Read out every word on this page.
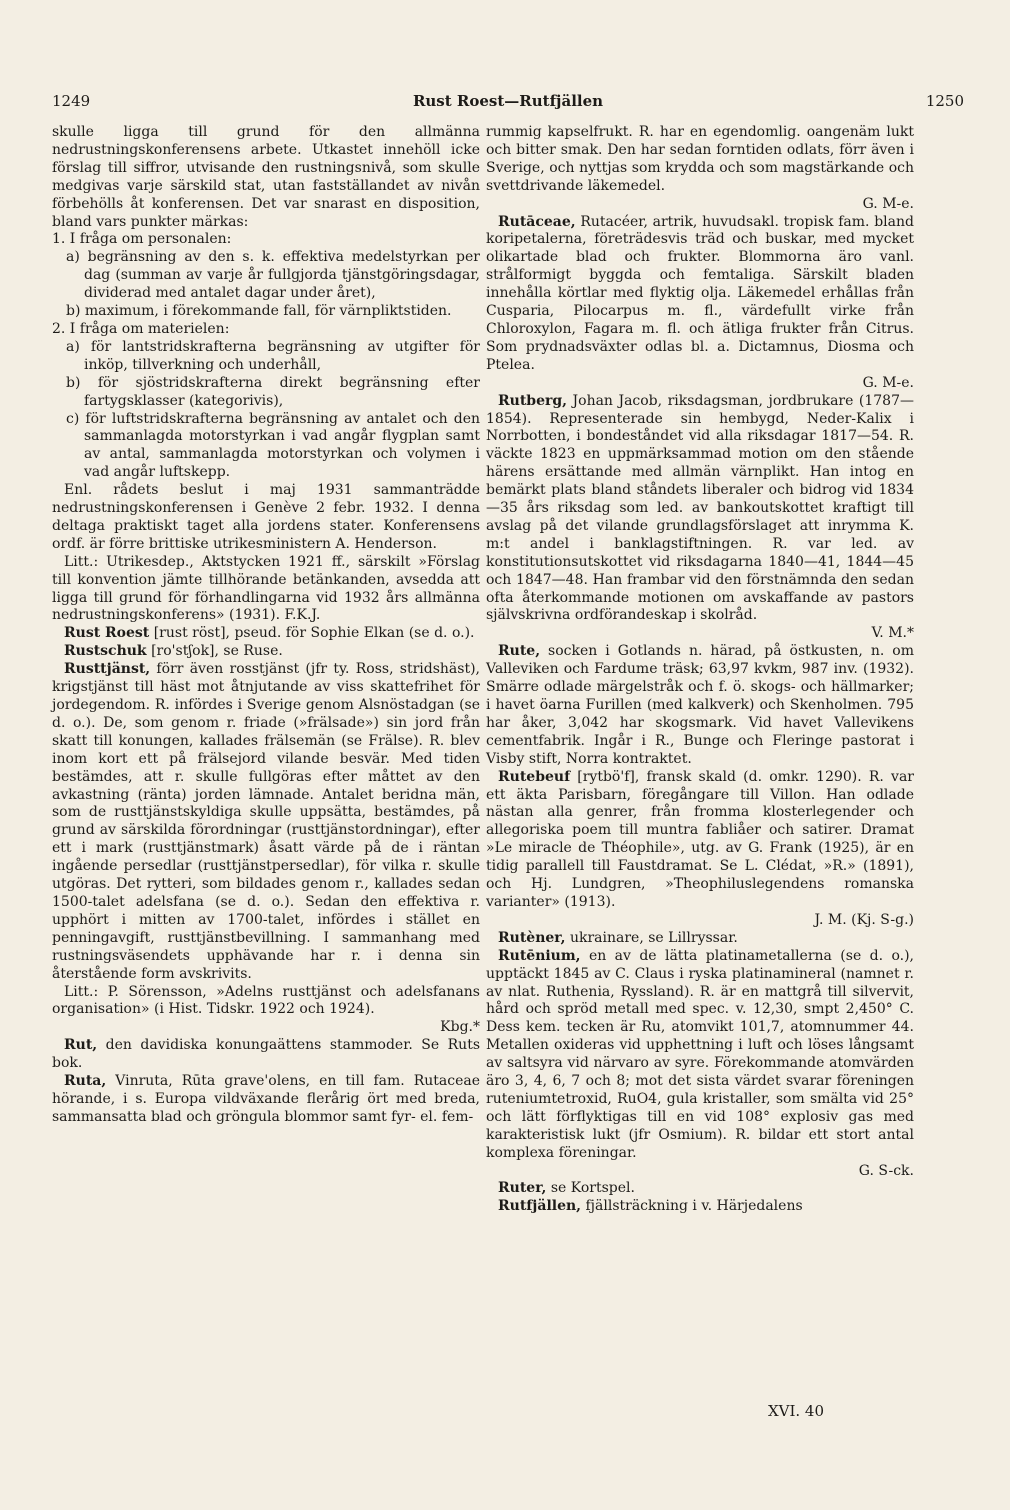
1249	Rust Roest—Rutfjällen	1250

skulle ligga till grund för den allmänna nedrustningskonferensens arbete. Utkastet innehöll icke förslag till siffror, utvisande den rustningsnivå, som skulle medgivas varje särskild stat, utan fastställandet av nivån förbehölls åt konferensen. Det var snarast en disposition, bland vars punkter märkas:

1. I fråga om personalen:

a) begränsning av den s. k. effektiva medelstyrkan per dag (summan av varje år fullgjorda tjänstgöringsdagar, dividerad med antalet dagar under året),

b) maximum, i förekommande fall, för värnpliktstiden.

2. I fråga om materielen:

a) för lantstridskrafterna begränsning av utgifter för inköp, tillverkning och underhåll,

b) för sjöstridskrafterna direkt begränsning efter fartygsklasser (kategorivis),

c) för luftstridskrafterna begränsning av antalet och den sammanlagda motorstyrkan i vad angår flygplan samt av antal, sammanlagda motorstyrkan och volymen i vad angår luftskepp.

Enl. rådets beslut i maj 1931 sammanträdde nedrustningskonferensen i Genève 2 febr. 1932. I denna deltaga praktiskt taget alla jordens stater. Konferensens ordf. är förre brittiske utrikesministern A. Henderson.

Litt.: Utrikesdep., Aktstycken 1921 ff., särskilt »Förslag till konvention jämte tillhörande betänkanden, avsedda att ligga till grund för förhandlingarna vid 1932 års allmänna nedrustningskonferens» (1931). F.K.J.

Rust Roest [rust röst], pseud. för Sophie Elkan (se d. o.).

Rustschuk [ro'stʃok], se Ruse.

Rusttjänst, förr även rosstjänst (jfr ty. Ross, stridshäst), krigstjänst till häst mot åtnjutande av viss skattefrihet för jordegendom. R. infördes i Sverige genom Alsnöstadgan (se d. o.). De, som genom r. friade (»frälsade») sin jord från skatt till konungen, kallades frälsemän (se Frälse). R. blev inom kort ett på frälsejord vilande besvär. Med tiden bestämdes, att r. skulle fullgöras efter måttet av den avkastning (ränta) jorden lämnade. Antalet beridna män, som de rusttjänstskyldiga skulle uppsätta, bestämdes, på grund av särskilda förordningar (rusttjänstordningar), efter ett i mark (rusttjänstmark) åsatt värde på de i räntan ingående persedlar (rusttjänstpersedlar), för vilka r. skulle utgöras. Det rytteri, som bildades genom r., kallades sedan 1500-talet adelsfana (se d. o.). Sedan den effektiva r. upphört i mitten av 1700-talet, infördes i stället en penningavgift, rusttjänstbevillning. I sammanhang med rustningsväsendets upphävande har r. i denna sin återstående form avskrivits.

Litt.: P. Sörensson, »Adelns rusttjänst och adelsfanans organisation» (i Hist. Tidskr. 1922 och 1924).
Kbg.*

Rut, den davidiska konungaättens stammoder. Se Ruts bok.

Ruta, Vinruta, Rūta grave'olens, en till fam. Rutaceae hörande, i s. Europa vildväxande flerårig ört med breda, sammansatta blad och gröngula blommor samt fyr- el. fem-

rummig kapselfrukt. R. har en egendomlig. oangenäm lukt och bitter smak. Den har sedan forntiden odlats, förr även i Sverige, och nyttjas som krydda och som magstärkande och svettdrivande läkemedel.
G. M-e.

Rutāceae, Rutacéer, artrik, huvudsakl. tropisk fam. bland koripetalerna, företrädesvis träd och buskar, med mycket olikartade blad och frukter. Blommorna äro vanl. strålformigt byggda och femtaliga. Särskilt bladen innehålla körtlar med flyktig olja. Läkemedel erhållas från Cusparia, Pilocarpus m. fl., värdefullt virke från Chloroxylon, Fagara m. fl. och ätliga frukter från Citrus. Som prydnadsväxter odlas bl. a. Dictamnus, Diosma och Ptelea.
G. M-e.

Rutberg, Johan Jacob, riksdagsman, jordbrukare (1787—1854). Representerade sin hembygd, Neder-Kalix i Norrbotten, i bondeståndet vid alla riksdagar 1817—54. R. väckte 1823 en uppmärksammad motion om den stående härens ersättande med allmän värnplikt. Han intog en bemärkt plats bland ståndets liberaler och bidrog vid 1834—35 års riksdag som led. av bankoutskottet kraftigt till avslag på det vilande grundlagsförslaget att inrymma K. m:t andel i banklagstiftningen. R. var led. av konstitutionsutskottet vid riksdagarna 1840—41, 1844—45 och 1847—48. Han frambar vid den förstnämnda den sedan ofta återkommande motionen om avskaffande av pastors självskrivna ordförandeskap i skolråd.
V. M.*

Rute, socken i Gotlands n. härad, på östkusten, n. om Valleviken och Fardume träsk; 63,97 kvkm, 987 inv. (1932). Smärre odlade märgelstråk och f. ö. skogs- och hällmarker; i havet öarna Furillen (med kalkverk) och Skenholmen. 795 har åker, 3,042 har skogsmark. Vid havet Vallevikens cementfabrik. Ingår i R., Bunge och Fleringe pastorat i Visby stift, Norra kontraktet.

Rutebeuf [rytbö'f], fransk skald (d. omkr. 1290). R. var ett äkta Parisbarn, föregångare till Villon. Han odlade nästan alla genrer, från fromma klosterlegender och allegoriska poem till muntra fabliåer och satirer. Dramat »Le miracle de Théophile», utg. av G. Frank (1925), är en tidig parallell till Faustdramat. Se L. Clédat, »R.» (1891), och Hj. Lundgren, »Theophiluslegendens romanska varianter» (1913).
J. M. (Kj. S-g.)

Rutèner, ukrainare, se Lillryssar.

Rutēnium, en av de lätta platinametallerna (se d. o.), upptäckt 1845 av C. Claus i ryska platinamineral (namnet r. av nlat. Ruthenia, Ryssland). R. är en mattgrå till silvervit, hård och spröd metall med spec. v. 12,30, smpt 2,450° C. Dess kem. tecken är Ru, atomvikt 101,7, atomnummer 44. Metallen oxideras vid upphettning i luft och löses långsamt av saltsyra vid närvaro av syre. Förekommande atomvärden äro 3, 4, 6, 7 och 8; mot det sista värdet svarar föreningen ruteniumtetroxid, RuO4, gula kristaller, som smälta vid 25° och lätt förflyktigas till en vid 108° explosiv gas med karakteristisk lukt (jfr Osmium). R. bildar ett stort antal komplexa föreningar.
G. S-ck.

Ruter, se Kortspel.

Rutfjällen, fjällsträckning i v. Härjedalens

XVI. 40
